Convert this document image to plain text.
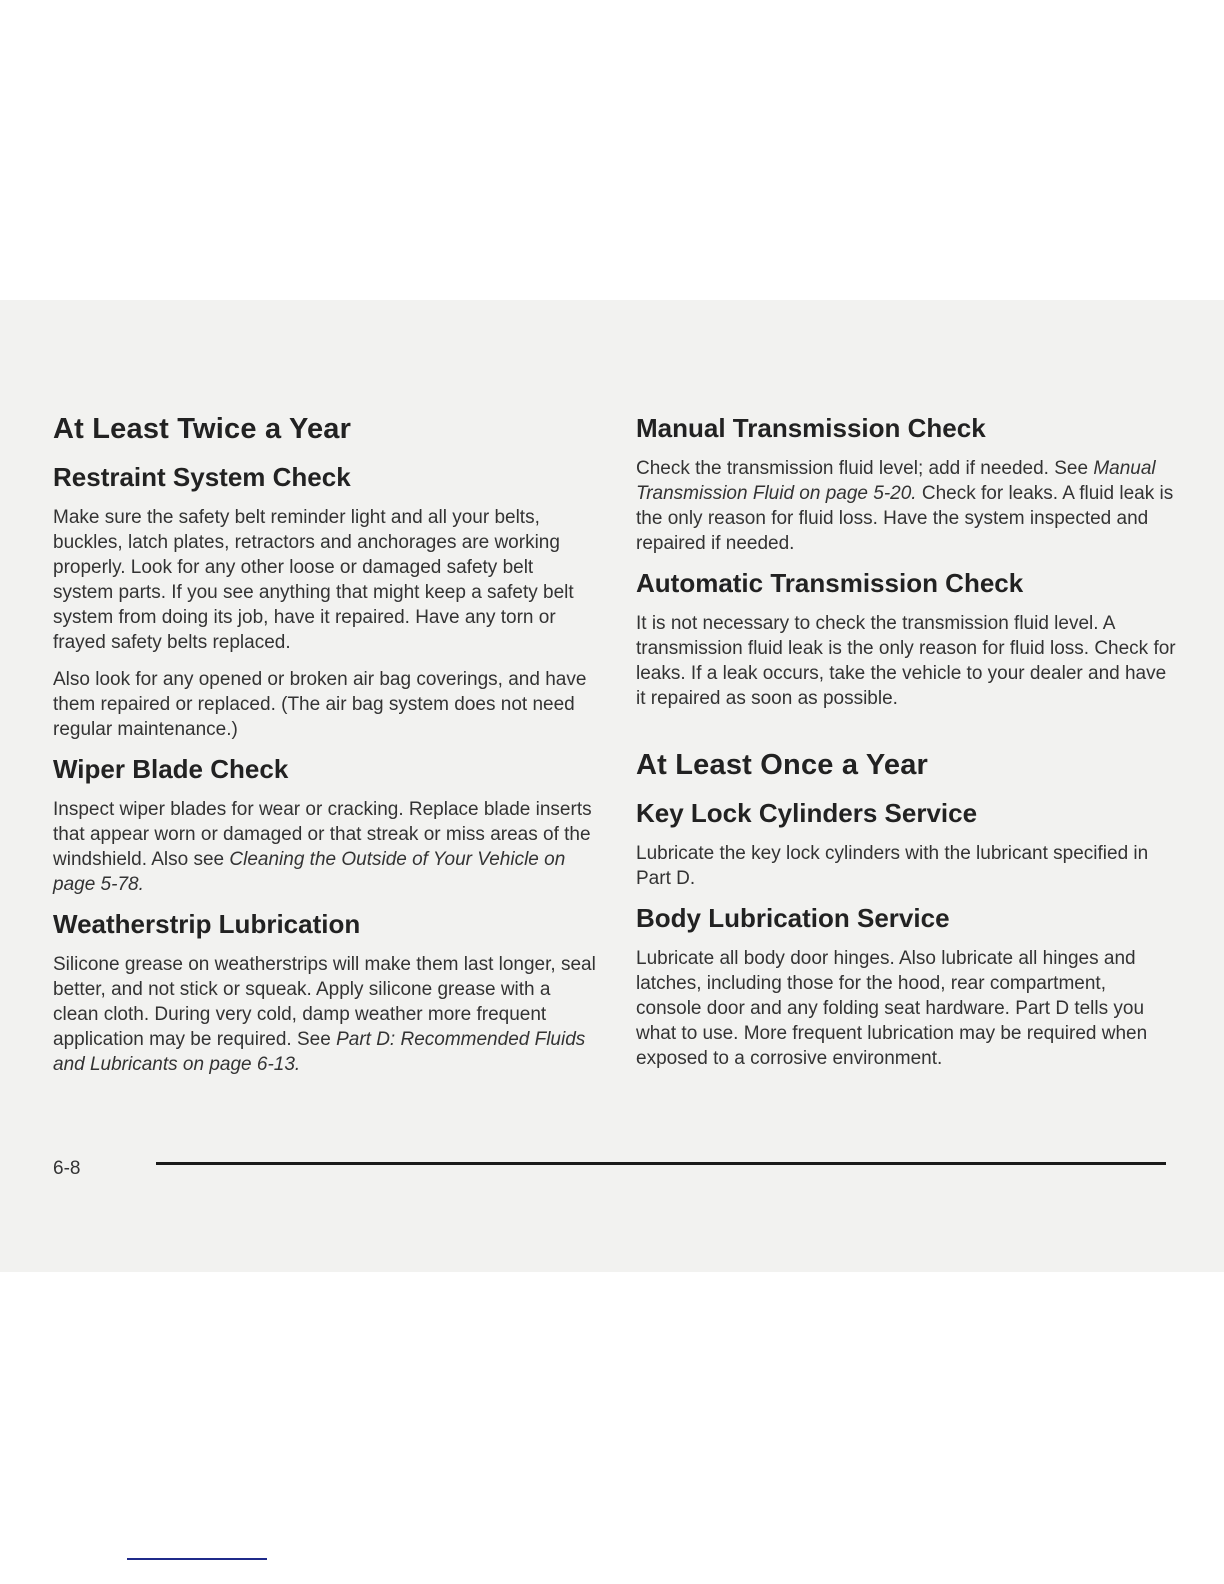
At Least Twice a Year
Restraint System Check

Make sure the safety belt reminder light and all your belts, buckles, latch plates, retractors and anchorages are working properly. Look for any other loose or damaged safety belt system parts. If you see anything that might keep a safety belt system from doing its job, have it repaired. Have any torn or frayed safety belts replaced.

Also look for any opened or broken air bag coverings, and have them repaired or replaced. (The air bag system does not need regular maintenance.)

Wiper Blade Check

Inspect wiper blades for wear or cracking. Replace blade inserts that appear worn or damaged or that streak or miss areas of the windshield. Also see Cleaning the Outside of Your Vehicle on page 5-78.

Weatherstrip Lubrication

Silicone grease on weatherstrips will make them last longer, seal better, and not stick or squeak. Apply silicone grease with a clean cloth. During very cold, damp weather more frequent application may be required. See Part D: Recommended Fluids and Lubricants on page 6-13.

Manual Transmission Check

Check the transmission fluid level; add if needed. See Manual Transmission Fluid on page 5-20. Check for leaks. A fluid leak is the only reason for fluid loss. Have the system inspected and repaired if needed.

Automatic Transmission Check

It is not necessary to check the transmission fluid level. A transmission fluid leak is the only reason for fluid loss. Check for leaks. If a leak occurs, take the vehicle to your dealer and have it repaired as soon as possible.

At Least Once a Year
Key Lock Cylinders Service

Lubricate the key lock cylinders with the lubricant specified in Part D.

Body Lubrication Service

Lubricate all body door hinges. Also lubricate all hinges and latches, including those for the hood, rear compartment, console door and any folding seat hardware. Part D tells you what to use. More frequent lubrication may be required when exposed to a corrosive environment.

6-8
